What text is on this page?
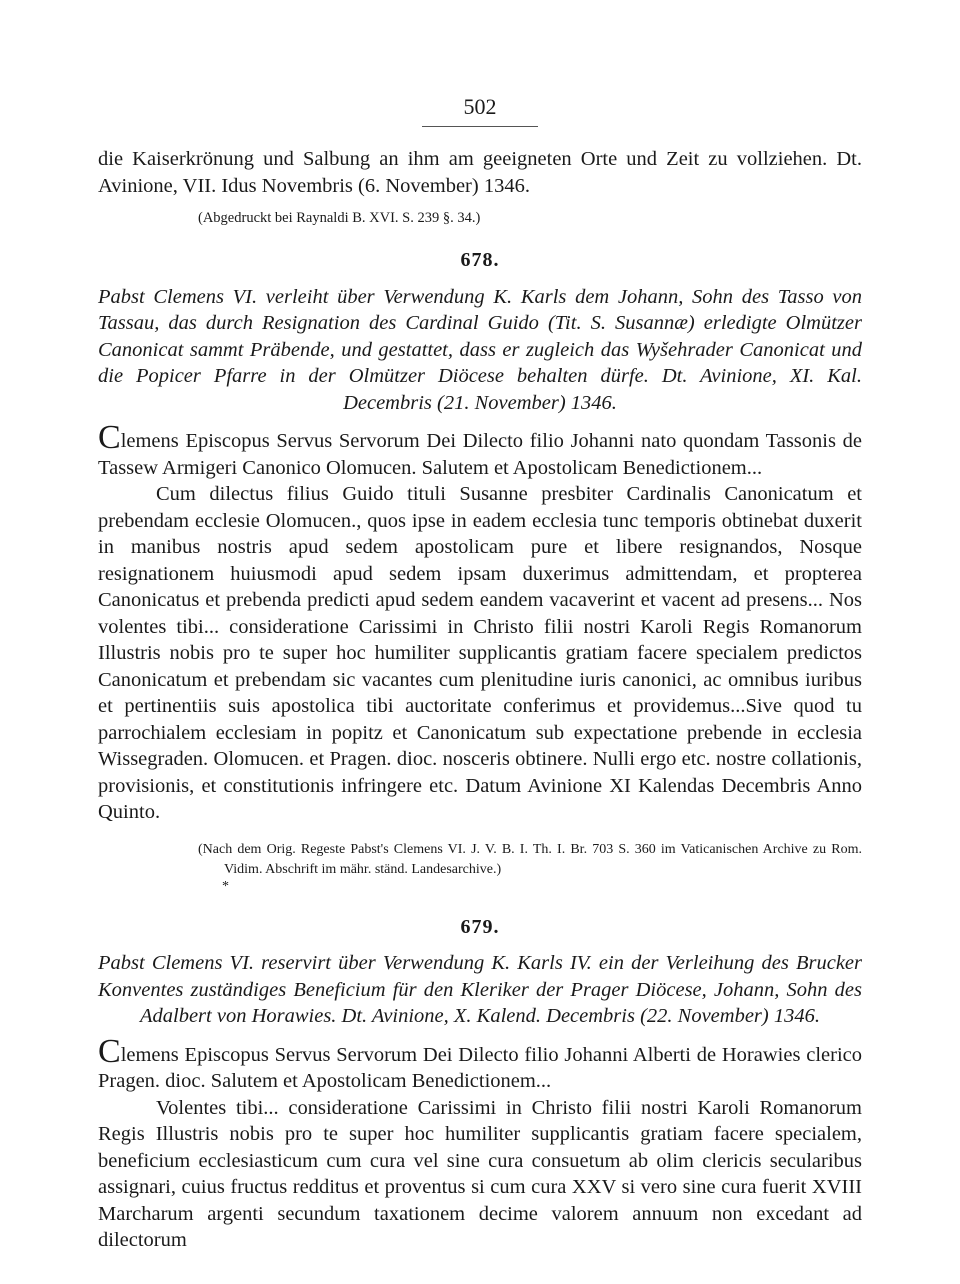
502

die Kaiserkrönung und Salbung an ihm am geeigneten Orte und Zeit zu vollziehen. Dt. Avinione, VII. Idus Novembris (6. November) 1346.

(Abgedruckt bei Raynaldi B. XVI. S. 239 §. 34.)

678.

Pabst Clemens VI. verleiht über Verwendung K. Karls dem Johann, Sohn des Tasso von Tassau, das durch Resignation des Cardinal Guido (Tit. S. Susannæ) erledigte Olmützer Canonicat sammt Präbende, und gestattet, dass er zugleich das Wyšehrader Canonicat und die Popicer Pfarre in der Olmützer Diöcese behalten dürfe. Dt. Avinione, XI. Kal. Decembris (21. November) 1346.

Clemens Episcopus Servus Servorum Dei Dilecto filio Johanni nato quondam Tassonis de Tassew Armigeri Canonico Olomucen. Salutem et Apostolicam Benedictionem...

Cum dilectus filius Guido tituli Susanne presbiter Cardinalis Canonicatum et prebendam ecclesie Olomucen., quos ipse in eadem ecclesia tunc temporis obtinebat duxerit in manibus nostris apud sedem apostolicam pure et libere resignandos, Nosque resignationem huiusmodi apud sedem ipsam duxerimus admittendam, et propterea Canonicatus et prebenda predicti apud sedem eandem vacaverint et vacent ad presens... Nos volentes tibi... consideratione Carissimi in Christo filii nostri Karoli Regis Romanorum Illustris nobis pro te super hoc humiliter supplicantis gratiam facere specialem predictos Canonicatum et prebendam sic vacantes cum plenitudine iuris canonici, ac omnibus iuribus et pertinentiis suis apostolica tibi auctoritate conferimus et providemus...Sive quod tu parrochialem ecclesiam in popitz et Canonicatum sub expectatione prebende in ecclesia Wissegraden. Olomucen. et Pragen. dioc. nosceris obtinere. Nulli ergo etc. nostre collationis, provisionis, et constitutionis infringere etc. Datum Avinione XI Kalendas Decembris Anno Quinto.

(Nach dem Orig. Regeste Pabst's Clemens VI. J. V. B. I. Th. I. Br. 703 S. 360 im Vaticanischen Archive zu Rom. Vidim. Abschrift im mähr. ständ. Landesarchive.)

*
679.

Pabst Clemens VI. reservirt über Verwendung K. Karls IV. ein der Verleihung des Brucker Konventes zuständiges Beneficium für den Kleriker der Prager Diöcese, Johann, Sohn des Adalbert von Horawies. Dt. Avinione, X. Kalend. Decembris (22. November) 1346.

Clemens Episcopus Servus Servorum Dei Dilecto filio Johanni Alberti de Horawies clerico Pragen. dioc. Salutem et Apostolicam Benedictionem...

Volentes tibi... consideratione Carissimi in Christo filii nostri Karoli Romanorum Regis Illustris nobis pro te super hoc humiliter supplicantis gratiam facere specialem, beneficium ecclesiasticum cum cura vel sine cura consuetum ab olim clericis secularibus assignari, cuius fructus redditus et proventus si cum cura XXV si vero sine cura fuerit XVIII Marcharum argenti secundum taxationem decime valorem annuum non excedant ad dilectorum
